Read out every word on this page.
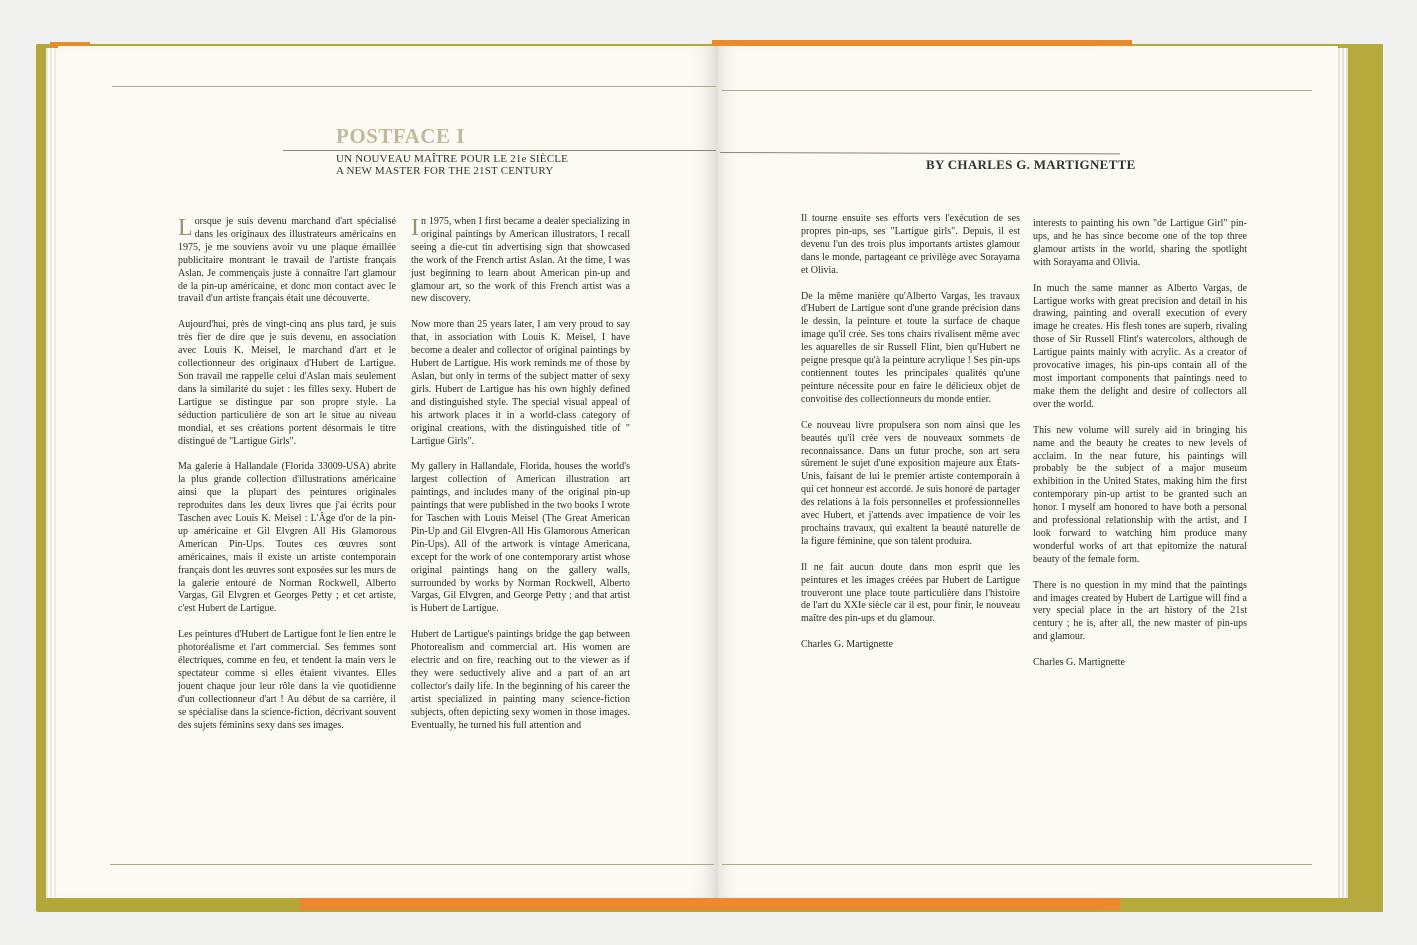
POSTFACE I
UN NOUVEAU MAÎTRE POUR LE 21e SIÈCLE
A NEW MASTER FOR THE 21ST CENTURY	BY CHARLES G. MARTIGNETTE

Lorsque je suis devenu marchand d'art spécialisé dans les originaux des illustrateurs américains en 1975, je me souviens avoir vu une plaque émaillée publicitaire montrant le travail de l'artiste français Aslan. Je commençais juste à connaître l'art glamour de la pin-up américaine, et donc mon contact avec le travail d'un artiste français était une découverte.

Aujourd'hui, près de vingt-cinq ans plus tard, je suis très fier de dire que je suis devenu, en association avec Louis K. Meisel, le marchand d'art et le collectionneur des originaux d'Hubert de Lartigue. Son travail me rappelle celui d'Aslan mais seulement dans la similarité du sujet : les filles sexy. Hubert de Lartigue se distingue par son propre style. La séduction particulière de son art le situe au niveau mondial, et ses créations portent désormais le titre distingué de "Lartigue Girls".

Ma galerie à Hallandale (Florida 33009-USA) abrite la plus grande collection d'illustrations américaine ainsi que la plupart des peintures originales reproduites dans les deux livres que j'ai écrits pour Taschen avec Louis K. Meisel : L'Âge d'or de la pin-up américaine et Gil Elvgren All His Glamorous American Pin-Ups. Toutes ces œuvres sont américaines, mais il existe un artiste contemporain français dont les œuvres sont exposées sur les murs de la galerie entouré de Norman Rockwell, Alberto Vargas, Gil Elvgren et Georges Petty ; et cet artiste, c'est Hubert de Lartigue.

Les peintures d'Hubert de Lartigue font le lien entre le photoréalisme et l'art commercial. Ses femmes sont électriques, comme en feu, et tendent la main vers le spectateur comme si elles étaient vivantes. Elles jouent chaque jour leur rôle dans la vie quotidienne d'un collectionneur d'art ! Au début de sa carrière, il se spécialise dans la science-fiction, décrivant souvent des sujets féminins sexy dans ses images.

In 1975, when I first became a dealer specializing in original paintings by American illustrators, I recall seeing a die-cut tin advertising sign that showcased the work of the French artist Aslan. At the time, I was just beginning to learn about American pin-up and glamour art, so the work of this French artist was a new discovery.

Now more than 25 years later, I am very proud to say that, in association with Louis K. Meisel, I have become a dealer and collector of original paintings by Hubert de Lartigue. His work reminds me of those by Aslan, but only in terms of the subject matter of sexy girls. Hubert de Lartigue has his own highly defined and distinguished style. The special visual appeal of his artwork places it in a world-class category of original creations, with the distinguished title of " Lartigue Girls".

My gallery in Hallandale, Florida, houses the world's largest collection of American illustration art paintings, and includes many of the original pin-up paintings that were published in the two books I wrote for Taschen with Louis Meisel (The Great American Pin-Up and Gil Elvgren-All His Glamorous American Pin-Ups). All of the artwork is vintage Americana, except for the work of one contemporary artist whose original paintings hang on the gallery walls, surrounded by works by Norman Rockwell, Alberto Vargas, Gil Elvgren, and George Petty ; and that artist is Hubert de Lartigue.

Hubert de Lartigue's paintings bridge the gap between Photorealism and commercial art. His women are electric and on fire, reaching out to the viewer as if they were seductively alive and a part of an art collector's daily life. In the beginning of his career the artist specialized in painting many science-fiction subjects, often depicting sexy women in those images. Eventually, he turned his full attention and

Il tourne ensuite ses efforts vers l'exécution de ses propres pin-ups, ses "Lartigue girls". Depuis, il est devenu l'un des trois plus importants artistes glamour dans le monde, partageant ce privilège avec Sorayama et Olivia.

De la même manière qu'Alberto Vargas, les travaux d'Hubert de Lartigue sont d'une grande précision dans le dessin, la peinture et toute la surface de chaque image qu'il crée. Ses tons chairs rivalisent même avec les aquarelles de sir Russell Flint, bien qu'Hubert ne peigne presque qu'à la peinture acrylique ! Ses pin-ups contiennent toutes les principales qualités qu'une peinture nécessite pour en faire le délicieux objet de convoitise des collectionneurs du monde entier.

Ce nouveau livre propulsera son nom ainsi que les beautés qu'il crée vers de nouveaux sommets de reconnaissance. Dans un futur proche, son art sera sûrement le sujet d'une exposition majeure aux États-Unis, faisant de lui le premier artiste contemporain à qui cet honneur est accordé. Je suis honoré de partager des relations à la fois personnelles et professionnelles avec Hubert, et j'attends avec impatience de voir les prochains travaux, qui exaltent la beauté naturelle de la figure féminine, que son talent produira.

Il ne fait aucun doute dans mon esprit que les peintures et les images créées par Hubert de Lartigue trouveront une place toute particulière dans l'histoire de l'art du XXIe siècle car il est, pour finir, le nouveau maître des pin-ups et du glamour.

Charles G. Martignette

interests to painting his own "de Lartigue Girl" pin-ups, and he has since become one of the top three glamour artists in the world, sharing the spotlight with Sorayama and Olivia.

In much the same manner as Alberto Vargas, de Lartigue works with great precision and detail in his drawing, painting and overall execution of every image he creates. His flesh tones are superb, rivaling those of Sir Russell Flint's watercolors, although de Lartigue paints mainly with acrylic. As a creator of provocative images, his pin-ups contain all of the most important components that paintings need to make them the delight and desire of collectors all over the world.

This new volume will surely aid in bringing his name and the beauty he creates to new levels of acclaim. In the near future, his paintings will probably be the subject of a major museum exhibition in the United States, making him the first contemporary pin-up artist to be granted such an honor. I myself am honored to have both a personal and professional relationship with the artist, and I look forward to watching him produce many wonderful works of art that epitomize the natural beauty of the female form.

There is no question in my mind that the paintings and images created by Hubert de Lartigue will find a very special place in the art history of the 21st century ; he is, after all, the new master of pin-ups and glamour.

Charles G. Martignette
